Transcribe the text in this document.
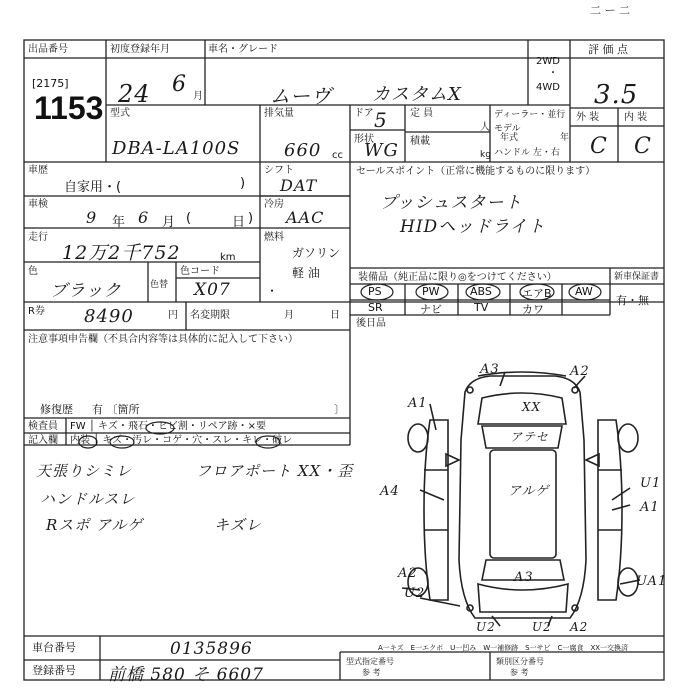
二 ー 二
出品番号
[2175]
1153
初度登録年月
24 6 月
車名・グレード
ムーヴ カスタムX
2WD
・
4WD
評 価 点
3.5
外 装 内 装
C C
型式
DBA-LA100S
排気量
660 cc
ドア 5
形状
WG
定 員
人
積載
kg
ディーラー・並行
モデル
年式	年
ハンドル 左・右
車歴
自家用・(	)
車検
9 年 6 月 (	日 )
走行
12万2千752	km
色
ブラック	色替
色コード
X07
シフト
DAT
冷房
AAC
燃料
ガソリン
軽 油
・
R券 8490	円 名変期限	月	日
セールスポイント（正常に機能するものに限ります）
プッシュスタート
HIDヘッドライト
装備品（純正品に限り◎をつけてください）	新車保証書
有・無
PS	PW	ABS	エアB AW
SR	ナビ	TV	カワ
後日品
注意事項申告欄（不具合内容等は具体的に記入して下さい）
修復歴 有 〔箇所	〕
検査員
記入欄
FW │ キズ・飛石・ヒビ割・リペア跡・×要
内装 │ キズ・汚レ・コゲ・穴・スレ・キレ・破レ
天張りシミレ
ハンドルスレ
Rスポ アルゲ
フロアポート XX・歪
キズレ
A3	A2
A1	XX
アテセ
アルゲ
A4
U1
A1
A2
U2
A3	UA1
U2	U2 A2
A一キズ　E一エクボ　U一凹み　W一補修跡　S一サビ　C一腐食　XX一交換済
車台番号	0135896
登録番号 前橋 580 そ 6607
型式指定番号
参 考
類別区分番号
参 考
